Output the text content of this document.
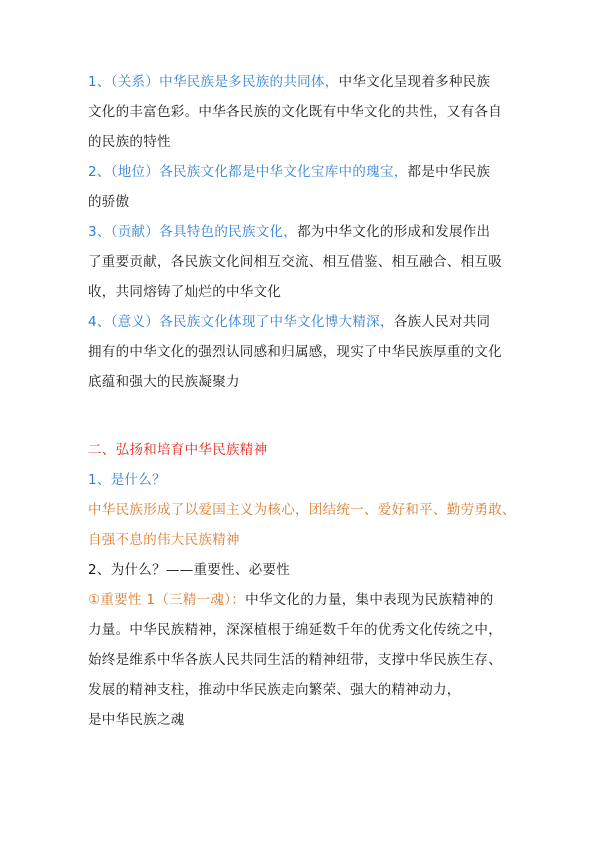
1、（关系）中华民族是多民族的共同体，中华文化呈现着多种民族

文化的丰富色彩。中华各民族的文化既有中华文化的共性，又有各自

的民族的特性

2、（地位）各民族文化都是中华文化宝库中的瑰宝，都是中华民族

的骄傲

3、（贡献）各具特色的民族文化，都为中华文化的形成和发展作出

了重要贡献，各民族文化间相互交流、相互借鉴、相互融合、相互吸

收，共同熔铸了灿烂的中华文化

4、（意义）各民族文化体现了中华文化博大精深，各族人民对共同

拥有的中华文化的强烈认同感和归属感，现实了中华民族厚重的文化

底蕴和强大的民族凝聚力

二、弘扬和培育中华民族精神

1、是什么？

中华民族形成了以爱国主义为核心，团结统一、爱好和平、勤劳勇敢、

自强不息的伟大民族精神

2、为什么？——重要性、必要性

①重要性 1（三精一魂）：中华文化的力量，集中表现为民族精神的

力量。中华民族精神，深深植根于绵延数千年的优秀文化传统之中，

始终是维系中华各族人民共同生活的精神纽带，支撑中华民族生存、

发展的精神支柱，推动中华民族走向繁荣、强大的精神动力，

是中华民族之魂
